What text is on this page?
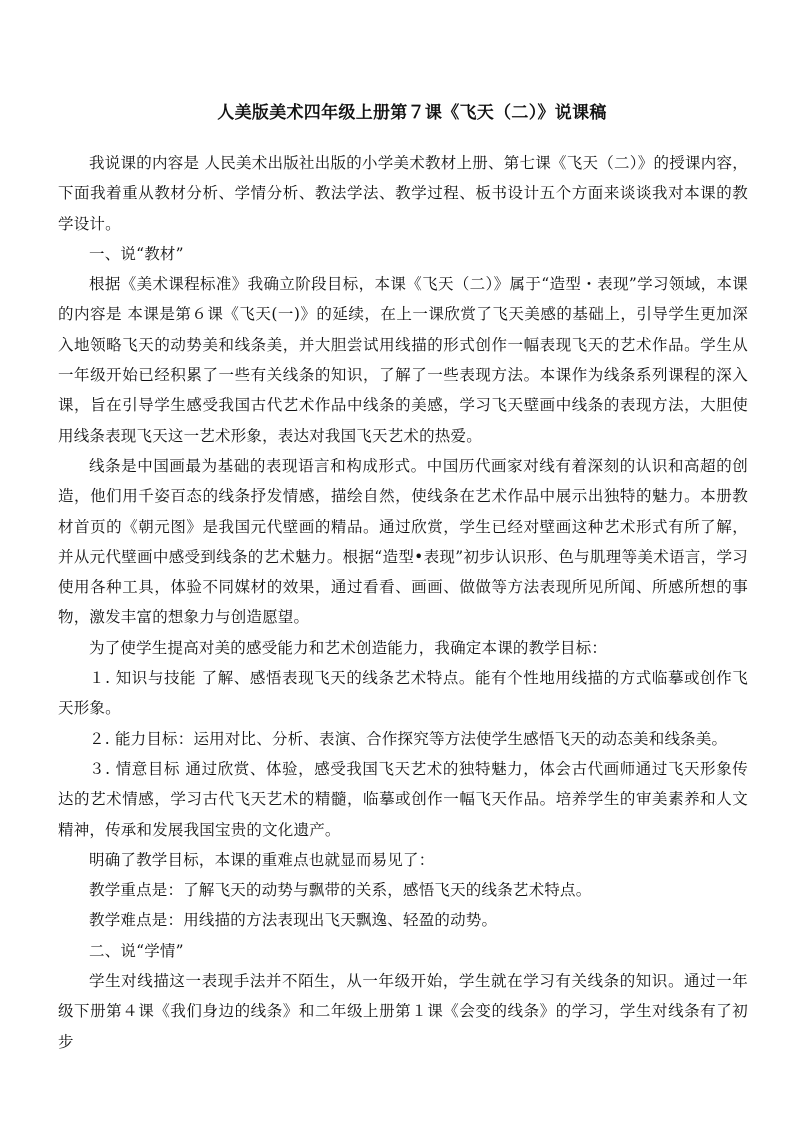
人美版美术四年级上册第７课《飞天（二）》说课稿

我说课的内容是 人民美术出版社出版的小学美术教材上册、第七课《飞天（二）》的授课内容，下面我着重从教材分析、学情分析、教法学法、教学过程、板书设计五个方面来谈谈我对本课的教学设计。

一、说“教材”

根据《美术课程标准》我确立阶段目标，本课《飞天（二）》属于“造型・表现”学习领域，本课的内容是 本课是第６课《飞天(一)》的延续，在上一课欣赏了飞天美感的基础上，引导学生更加深入地领略飞天的动势美和线条美，并大胆尝试用线描的形式创作一幅表现飞天的艺术作品。学生从一年级开始已经积累了一些有关线条的知识，了解了一些表现方法。本课作为线条系列课程的深入课，旨在引导学生感受我国古代艺术作品中线条的美感，学习飞天壁画中线条的表现方法，大胆使用线条表现飞天这一艺术形象，表达对我国飞天艺术的热爱。

线条是中国画最为基础的表现语言和构成形式。中国历代画家对线有着深刻的认识和高超的创造，他们用千姿百态的线条抒发情感，描绘自然，使线条在艺术作品中展示出独特的魅力。本册教材首页的《朝元图》是我国元代壁画的精品。通过欣赏，学生已经对壁画这种艺术形式有所了解，并从元代壁画中感受到线条的艺术魅力。根据“造型•表现”初步认识形、色与肌理等美术语言，学习使用各种工具，体验不同媒材的效果，通过看看、画画、做做等方法表现所见所闻、所感所想的事物，激发丰富的想象力与创造愿望。

为了使学生提高对美的感受能力和艺术创造能力，我确定本课的教学目标：

１. 知识与技能 了解、感悟表现飞天的线条艺术特点。能有个性地用线描的方式临摹或创作飞天形象。

２. 能力目标：运用对比、分析、表演、合作探究等方法使学生感悟飞天的动态美和线条美。

３. 情意目标 通过欣赏、体验，感受我国飞天艺术的独特魅力，体会古代画师通过飞天形象传达的艺术情感，学习古代飞天艺术的精髓，临摹或创作一幅飞天作品。培养学生的审美素养和人文精神，传承和发展我国宝贵的文化遗产。

明确了教学目标，本课的重难点也就显而易见了：

教学重点是：了解飞天的动势与飘带的关系，感悟飞天的线条艺术特点。

教学难点是：用线描的方法表现出飞天飘逸、轻盈的动势。

二、说“学情”

学生对线描这一表现手法并不陌生，从一年级开始，学生就在学习有关线条的知识。通过一年级下册第４课《我们身边的线条》和二年级上册第１课《会变的线条》的学习，学生对线条有了初步
